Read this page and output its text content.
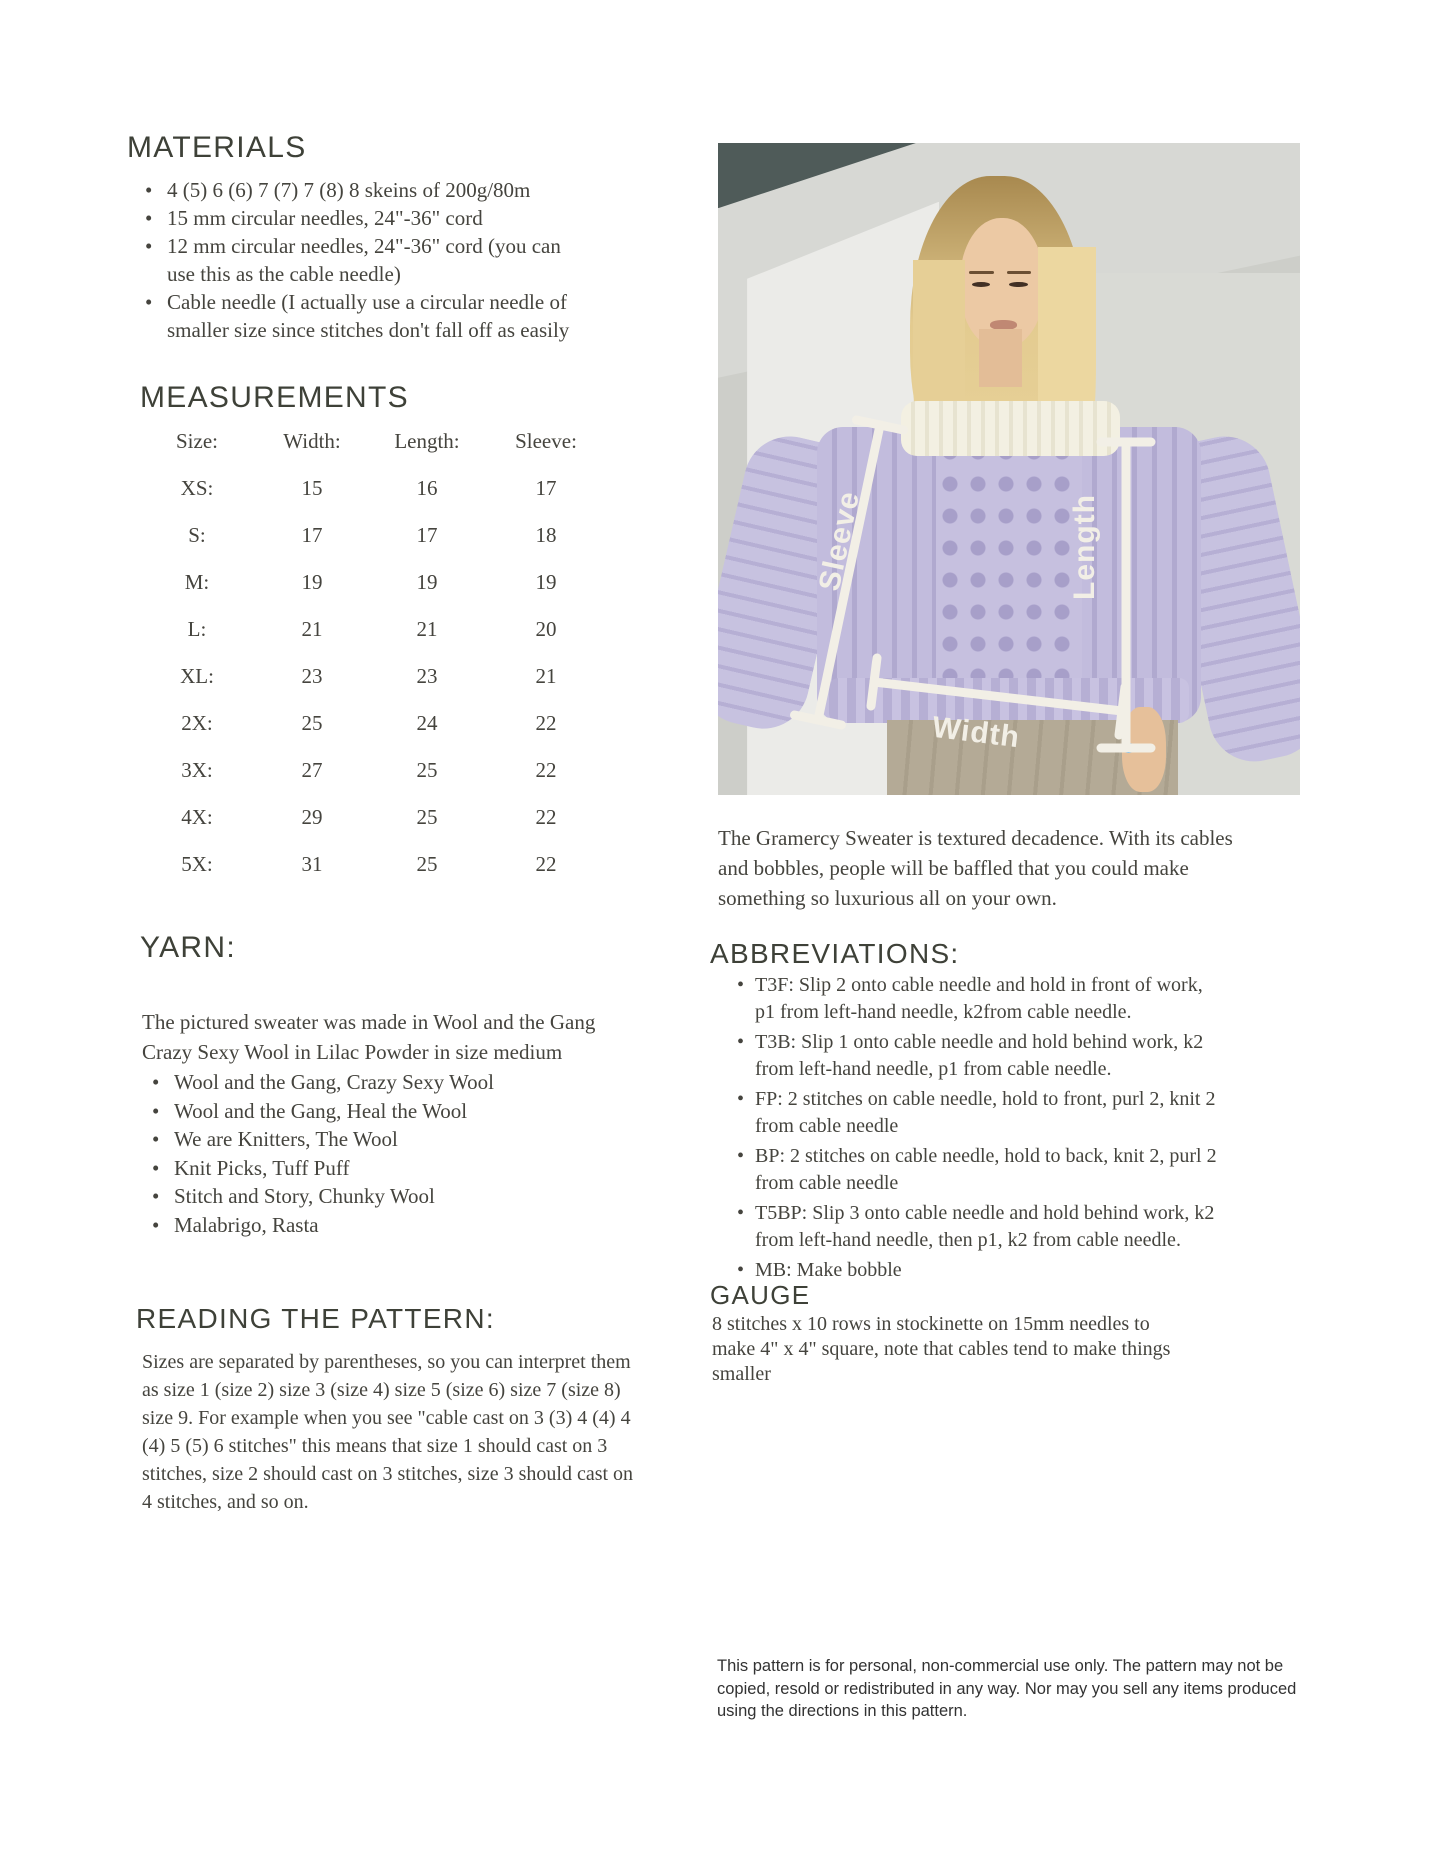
MATERIALS
• 4 (5) 6 (6) 7 (7) 7 (8) 8 skeins of 200g/80m
• 15 mm circular needles, 24"-36" cord
• 12 mm circular needles, 24"-36" cord (you can use this as the cable needle)
• Cable needle (I actually use a circular needle of smaller size since stitches don't fall off as easily
MEASUREMENTS
Size:	Width:	Length:	Sleeve:
XS:	15	16	17
S:	17	17	18
M:	19	19	19
L:	21	21	20
XL:	23	23	21
2X:	25	24	22
3X:	27	25	22
4X:	29	25	22
5X:	31	25	22
YARN:
The pictured sweater was made in Wool and the Gang Crazy Sexy Wool in Lilac Powder in size medium
• Wool and the Gang, Crazy Sexy Wool
• Wool and the Gang, Heal the Wool
• We are Knitters, The Wool
• Knit Picks, Tuff Puff
• Stitch and Story, Chunky Wool
• Malabrigo, Rasta
READING THE PATTERN:
Sizes are separated by parentheses, so you can interpret them as size 1 (size 2) size 3 (size 4) size 5 (size 6) size 7 (size 8) size 9. For example when you see "cable cast on 3 (3) 4 (4) 4 (4) 5 (5) 6 stitches" this means that size 1 should cast on 3 stitches, size 2 should cast on 3 stitches, size 3 should cast on 4 stitches, and so on.
Sleeve	Length
Width
The Gramercy Sweater is textured decadence. With its cables and bobbles, people will be baffled that you could make something so luxurious all on your own.
ABBREVIATIONS:
• T3F: Slip 2 onto cable needle and hold in front of work, p1 from left-hand needle, k2from cable needle.
• T3B: Slip 1 onto cable needle and hold behind work, k2 from left-hand needle, p1 from cable needle.
• FP: 2 stitches on cable needle, hold to front, purl 2, knit 2 from cable needle
• BP: 2 stitches on cable needle, hold to back, knit 2, purl 2 from cable needle
• T5BP: Slip 3 onto cable needle and hold behind work, k2 from left-hand needle, then p1, k2 from cable needle.
• MB: Make bobble
GAUGE
8 stitches x 10 rows in stockinette on 15mm needles to make 4" x 4" square, note that cables tend to make things smaller
This pattern is for personal, non-commercial use only. The pattern may not be copied, resold or redistributed in any way. Nor may you sell any items produced using the directions in this pattern.
